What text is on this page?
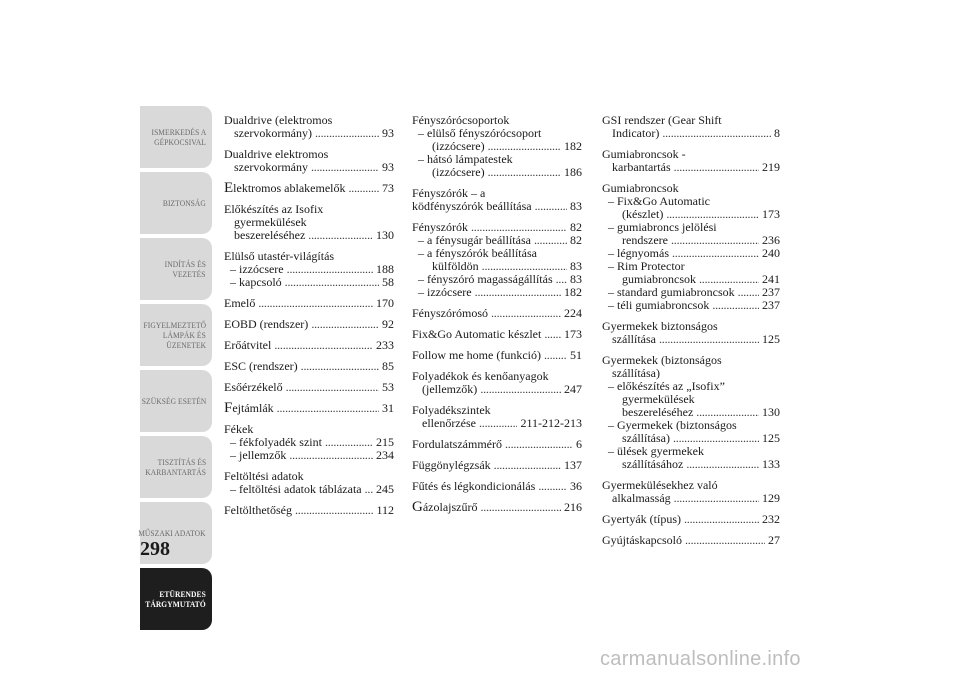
ISMERKEDÉS A
GÉPKOCSIVAL
BIZTONSÁG
INDÍTÁS ÉS
VEZETÉS
FIGYELMEZTETŐ
LÁMPÁK ÉS
ÜZENETEK
SZÜKSÉG ESETÉN
TISZTÍTÁS ÉS
KARBANTARTÁS
MŰSZAKI ADATOK
ETÜRENDES
TÁRGYMUTATÓ
298
Dualdrive (elektromos
szervokormány) . . .	93
Dualdrive elektromos
szervokormány . . .	93
Elektromos ablakemelők . . .	73
Előkészítés az Isofix
gyermekülések
beszereléséhez . . .	130
Elülső utastér-világítás
– izzócsere . . .	188
– kapcsoló . . .	58
Emelő . . .	170
EOBD (rendszer) . . .	92
Erőátvitel . . .	233
ESC (rendszer) . . .	85
Esőérzékelő . . .	53
Fejtámlák . . .	31
Fékek
– fékfolyadék szint . . .	215
– jellemzők . . .	234
Feltöltési adatok
– feltöltési adatok táblázata . . . 245
Feltölthetőség . . .	112
Fényszórócsoportok
– elülső fényszórócsoport
(izzócsere) . . .	182
– hátsó lámpatestek
(izzócsere) . . .	186
Fényszórók – a
ködfényszórók beállítása . . .	83
Fényszórók . . .	82
– a fénysugár beállítása . . .	82
– a fényszórók beállítása
külföldön . . .	83
– fényszóró magasságállítás . . . 83
– izzócsere . . .	182
Fényszórómosó . . .	224
Fix&Go Automatic készlet . . . 173
Follow me home (funkció) . . . 51
Folyadékok és kenőanyagok
(jellemzők) . . .	247
Folyadékszintek
ellenőrzése . . .	211-212-213
Fordulatszámmérő . . .	6
Függönylégzsák . . .	137
Fűtés és légkondicionálás . . .	36
Gázolajszűrő . . .	216
GSI rendszer (Gear Shift
Indicator) . . .	8
Gumiabroncsok -
karbantartás . . .	219
Gumiabroncsok
– Fix&Go Automatic
(készlet) . . .	173
– gumiabroncs jelölési
rendszere . . .	236
– légnyomás . . .	240
– Rim Protector
gumiabroncsok . . .	241
– standard gumiabroncsok . . . 237
– téli gumiabroncsok . . .	237
Gyermekek biztonságos
szállítása . . .	125
Gyermekek (biztonságos
szállítása)
– előkészítés az „Isofix”
gyermekülések
beszereléséhez . . .	130
– Gyermekek (biztonságos
szállítása) . . .	125
– ülések gyermekek
szállításához . . .	133
Gyermekülésekhez való
alkalmasság . . .	129
Gyertyák (típus) . . .	232
Gyújtáskapcsoló . . .	27
carmanualsonline.info
